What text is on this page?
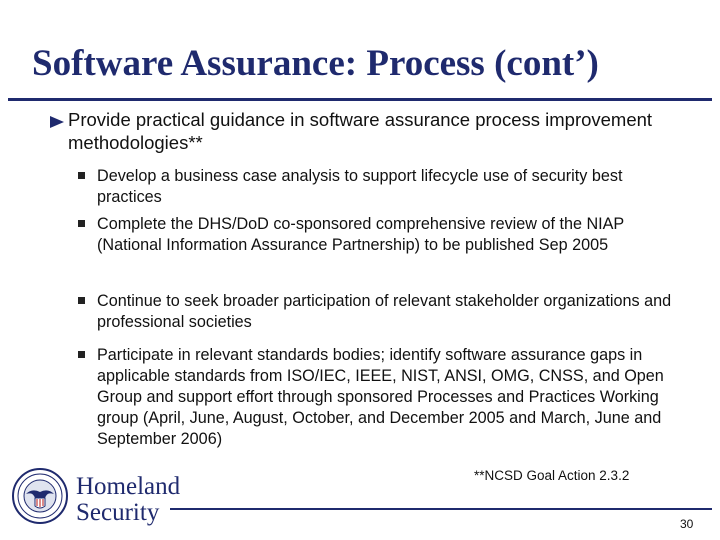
Software Assurance: Process (cont’)
Provide practical guidance in software assurance process improvement methodologies**
Develop a business case analysis to support lifecycle use of security best practices
Complete the DHS/DoD co-sponsored comprehensive review of the NIAP (National Information Assurance Partnership) to be published Sep 2005
Continue to seek broader participation of relevant stakeholder organizations and professional societies
Participate in relevant standards bodies; identify software assurance gaps in applicable standards from ISO/IEC, IEEE, NIST, ANSI, OMG, CNSS, and Open Group and support effort through sponsored Processes and Practices Working group (April, June, August, October, and December 2005 and March, June and September 2006)
**NCSD Goal Action 2.3.2
Homeland
Security	30
